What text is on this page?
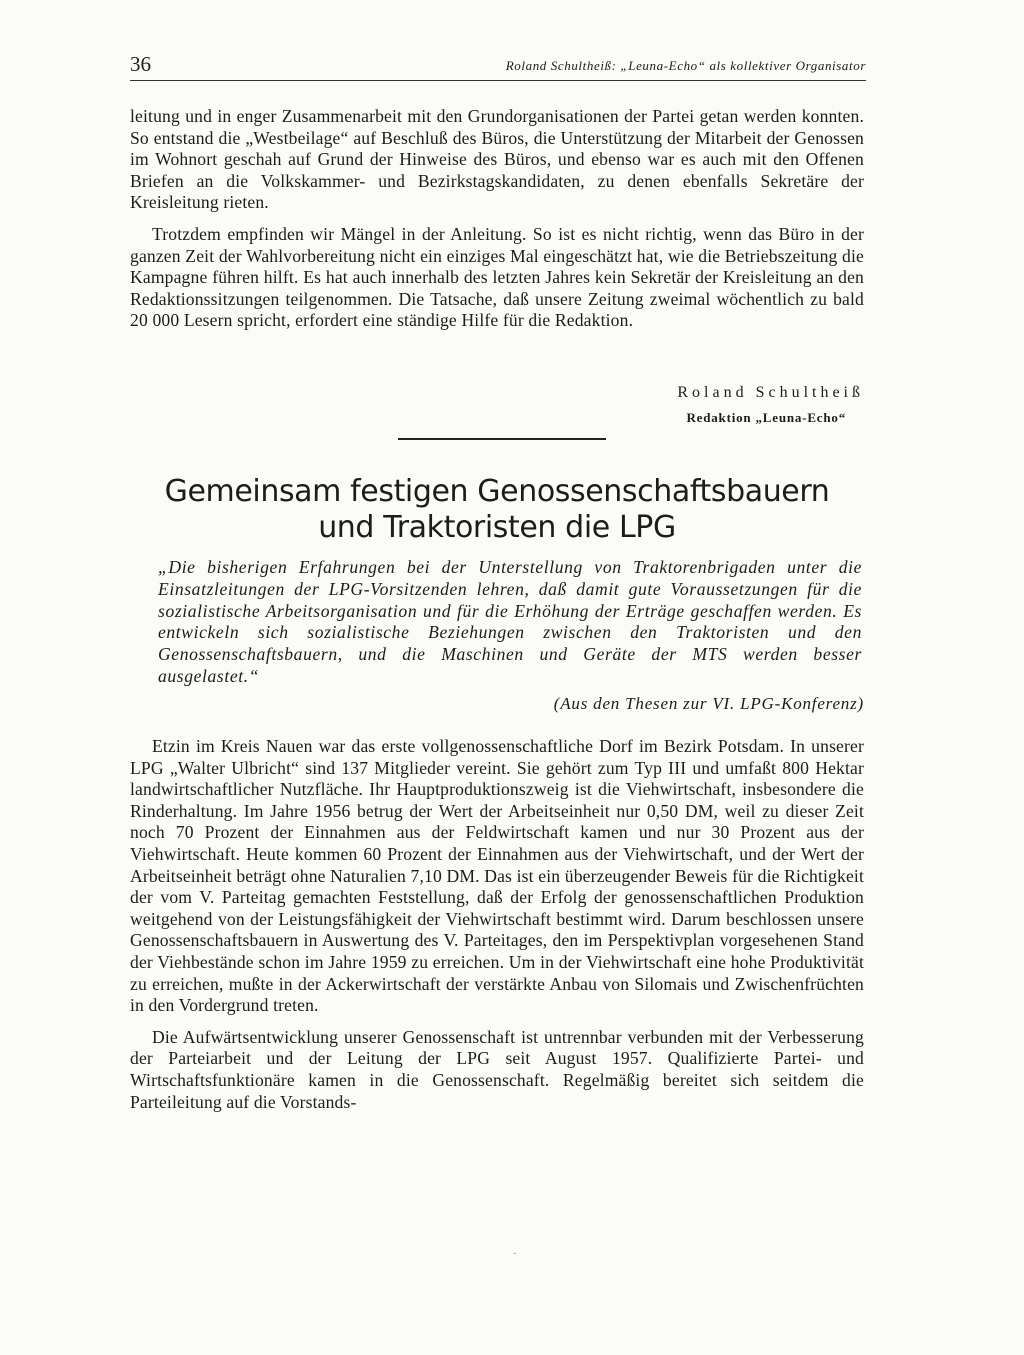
36	Roland Schultheiß: „Leuna-Echo“ als kollektiver Organisator

leitung und in enger Zusammenarbeit mit den Grundorganisationen der Partei getan werden konnten. So entstand die „Westbeilage“ auf Beschluß des Büros, die Unterstützung der Mitarbeit der Genossen im Wohnort geschah auf Grund der Hinweise des Büros, und ebenso war es auch mit den Offenen Briefen an die Volkskammer- und Bezirkstagskandidaten, zu denen ebenfalls Sekretäre der Kreisleitung rieten.

Trotzdem empfinden wir Mängel in der Anleitung. So ist es nicht richtig, wenn das Büro in der ganzen Zeit der Wahlvorbereitung nicht ein einziges Mal eingeschätzt hat, wie die Betriebszeitung die Kampagne führen hilft. Es hat auch innerhalb des letzten Jahres kein Sekretär der Kreisleitung an den Redaktionssitzungen teilgenommen. Die Tatsache, daß unsere Zeitung zweimal wöchentlich zu bald 20 000 Lesern spricht, erfordert eine ständige Hilfe für die Redaktion.

Roland Schultheiß
Redaktion „Leuna-Echo“
Gemeinsam festigen Genossenschaftsbauern
und Traktoristen die LPG
„Die bisherigen Erfahrungen bei der Unterstellung von Traktorenbrigaden unter die Einsatzleitungen der LPG-Vorsitzenden lehren, daß damit gute Voraussetzungen für die sozialistische Arbeitsorganisation und für die Erhöhung der Erträge geschaffen werden. Es entwickeln sich sozialistische Beziehungen zwischen den Traktoristen und den Genossenschaftsbauern, und die Maschinen und Geräte der MTS werden besser ausgelastet.“
(Aus den Thesen zur VI. LPG-Konferenz)

Etzin im Kreis Nauen war das erste vollgenossenschaftliche Dorf im Bezirk Potsdam. In unserer LPG „Walter Ulbricht“ sind 137 Mitglieder vereint. Sie gehört zum Typ III und umfaßt 800 Hektar landwirtschaftlicher Nutzfläche. Ihr Hauptproduktionszweig ist die Viehwirtschaft, insbesondere die Rinderhaltung. Im Jahre 1956 betrug der Wert der Arbeitseinheit nur 0,50 DM, weil zu dieser Zeit noch 70 Prozent der Einnahmen aus der Feldwirtschaft kamen und nur 30 Prozent aus der Viehwirtschaft. Heute kommen 60 Prozent der Einnahmen aus der Viehwirtschaft, und der Wert der Arbeitseinheit beträgt ohne Naturalien 7,10 DM. Das ist ein überzeugender Beweis für die Richtigkeit der vom V. Parteitag gemachten Feststellung, daß der Erfolg der genossenschaftlichen Produktion weitgehend von der Leistungsfähigkeit der Viehwirtschaft bestimmt wird. Darum beschlossen unsere Genossenschaftsbauern in Auswertung des V. Parteitages, den im Perspektivplan vorgesehenen Stand der Viehbestände schon im Jahre 1959 zu erreichen. Um in der Viehwirtschaft eine hohe Produktivität zu erreichen, mußte in der Ackerwirtschaft der verstärkte Anbau von Silomais und Zwischenfrüchten in den Vordergrund treten.

Die Aufwärtsentwicklung unserer Genossenschaft ist untrennbar verbunden mit der Verbesserung der Parteiarbeit und der Leitung der LPG seit August 1957. Qualifizierte Partei- und Wirtschaftsfunktionäre kamen in die Genossenschaft. Regelmäßig bereitet sich seitdem die Parteileitung auf die Vorstands-

·
